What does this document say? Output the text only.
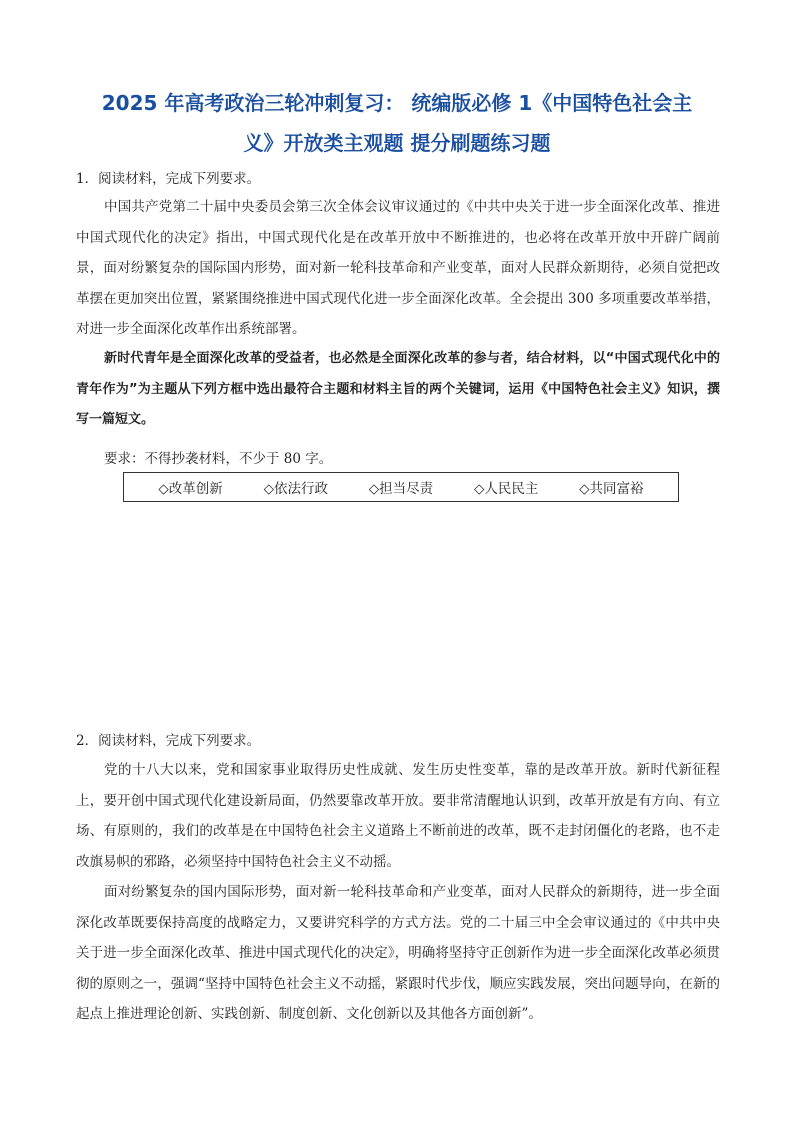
2025 年高考政治三轮冲刺复习： 统编版必修 1《中国特色社会主
义》开放类主观题 提分刷题练习题
1．阅读材料，完成下列要求。

中国共产党第二十届中央委员会第三次全体会议审议通过的《中共中央关于进一步全面深化改革、推进中国式现代化的决定》指出，中国式现代化是在改革开放中不断推进的，也必将在改革开放中开辟广阔前景，面对纷繁复杂的国际国内形势，面对新一轮科技革命和产业变革，面对人民群众新期待，必须自觉把改革摆在更加突出位置，紧紧围绕推进中国式现代化进一步全面深化改革。全会提出 300 多项重要改革举措，对进一步全面深化改革作出系统部署。

新时代青年是全面深化改革的受益者，也必然是全面深化改革的参与者，结合材料，以“中国式现代化中的青年作为”为主题从下列方框中选出最符合主题和材料主旨的两个关键词，运用《中国特色社会主义》知识，撰写一篇短文。

要求：不得抄袭材料，不少于 80 字。
◇改革创新	◇依法行政	◇担当尽责	◇人民民主	◇共同富裕
2．阅读材料，完成下列要求。

党的十八大以来，党和国家事业取得历史性成就、发生历史性变革，靠的是改革开放。新时代新征程上，要开创中国式现代化建设新局面，仍然要靠改革开放。要非常清醒地认识到，改革开放是有方向、有立场、有原则的，我们的改革是在中国特色社会主义道路上不断前进的改革，既不走封闭僵化的老路，也不走改旗易帜的邪路，必须坚持中国特色社会主义不动摇。

面对纷繁复杂的国内国际形势，面对新一轮科技革命和产业变革，面对人民群众的新期待，进一步全面深化改革既要保持高度的战略定力，又要讲究科学的方式方法。党的二十届三中全会审议通过的《中共中央关于进一步全面深化改革、推进中国式现代化的决定》，明确将坚持守正创新作为进一步全面深化改革必须贯彻的原则之一，强调“坚持中国特色社会主义不动摇，紧跟时代步伐，顺应实践发展，突出问题导向，在新的起点上推进理论创新、实践创新、制度创新、文化创新以及其他各方面创新”。
